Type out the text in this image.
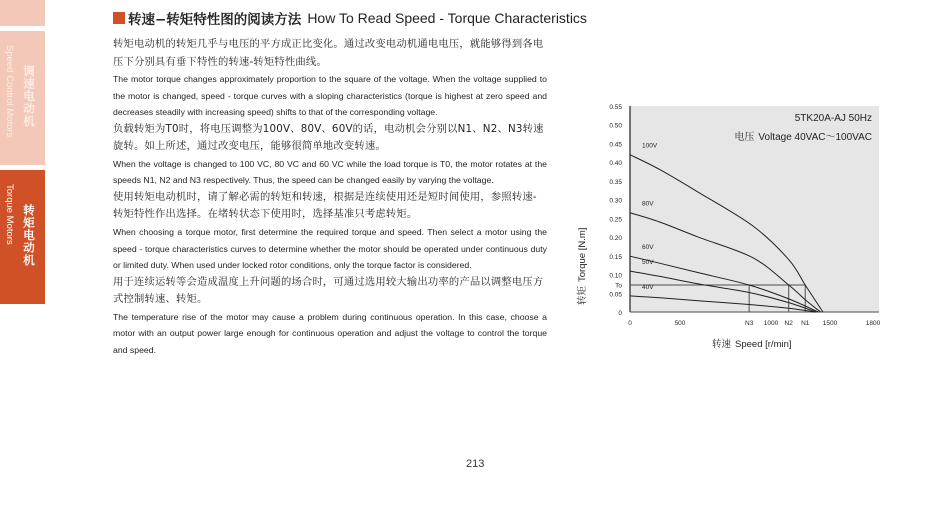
Speed Control Motors 调速电动机
Torque Motors 转矩电动机
转速−转矩特性图的阅读方法 How To Read Speed - Torque Characteristics

转矩电动机的转矩几乎与电压的平方成正比变化。通过改变电动机通电电压，就能够得到各电压下分别具有垂下特性的转速-转矩特性曲线。

The motor torque changes approximately proportion to the square of the voltage. When the voltage supplied to the motor is changed, speed - torque curves with a sloping characteristics (torque is highest at zero speed and decreases steadily with increasing speed) shifts to that of the corresponding voltage.

负载转矩为T0时，将电压调整为100V、80V、60V的话，电动机会分别以N1、N2、N3转速旋转。如上所述，通过改变电压，能够很简单地改变转速。

When the voltage is changed to 100 VC, 80 VC and 60 VC while the load torque is T0, the motor rotates at the speeds N1, N2 and N3 respectively. Thus, the speed can be changed easily by varying the voltage.

使用转矩电动机时，请了解必需的转矩和转速，根据是连续使用还是短时间使用，参照转速-转矩特性作出选择。在堵转状态下使用时，选择基准只考虑转矩。

When choosing a torque motor, first determine the required torque and speed. Then select a motor using the speed - torque characteristics curves to determine whether the motor should be operated under continuous duty or limited duty. When used under locked rotor conditions, only the torque factor is considered.

用于连续运转等会造成温度上升问题的场合时，可通过选用较大输出功率的产品以调整电压方式控制转速、转矩。

The temperature rise of the motor may cause a problem during continuous operation. In this case, choose a motor with an output power large enough for continuous operation and adjust the voltage to control the torque and speed.

0
0.05
0.10
0.15
0.20
0.25
0.30
0.35
0.40
0.45
0.50
0.55
0	500	1000	1500	1800
To
N3	N2 N1
100V
80V
60V
50V
40V
5TK20A-AJ 50Hz
电压 Voltage 40VAC～100VAC
转矩Torque [N.m]
转速 Speed [r/min]
213
